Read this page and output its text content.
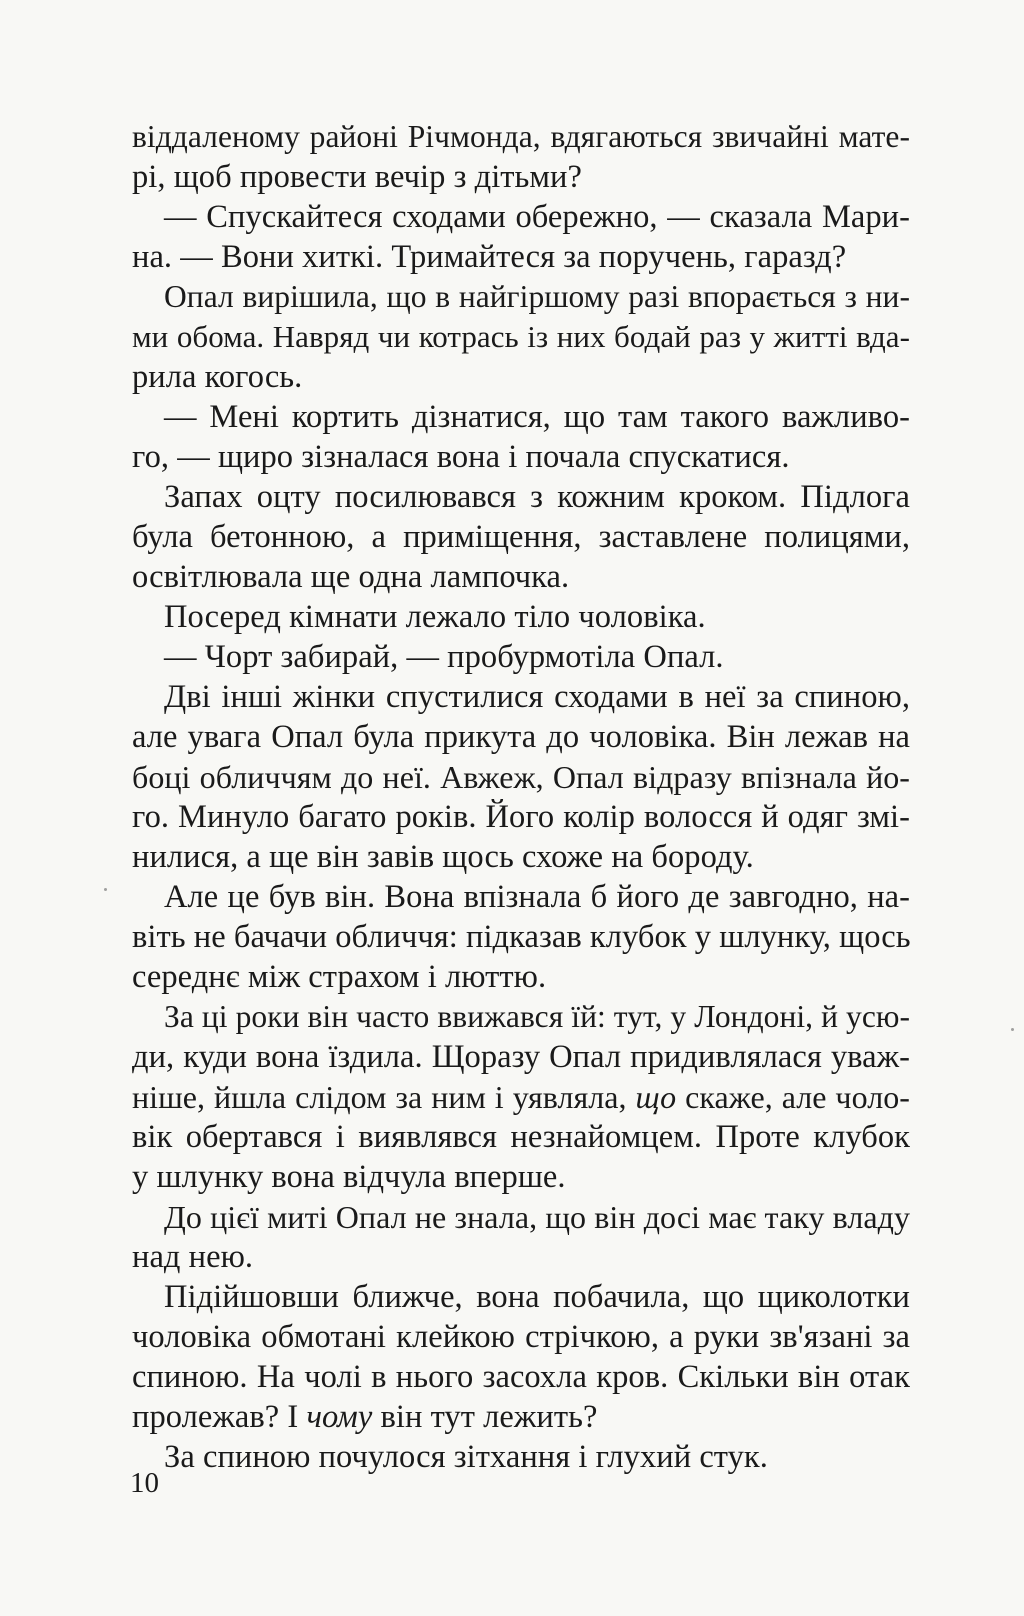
віддаленому районі Річмонда, вдягаються звичайні мате-
рі, щоб провести вечір з дітьми?
— Спускайтеся сходами обережно, — сказала Мари-
на. — Вони хиткі. Тримайтеся за поручень, гаразд?
Опал вирішила, що в найгіршому разі впорається з ни-
ми обома. Навряд чи котрась із них бодай раз у житті вда-
рила когось.
— Мені кортить дізнатися, що там такого важливо-
го, — щиро зізналася вона і почала спускатися.
Запах оцту посилювався з кожним кроком. Підлога
була бетонною, а приміщення, заставлене полицями,
освітлювала ще одна лампочка.
Посеред кімнати лежало тіло чоловіка.
— Чорт забирай, — пробурмотіла Опал.
Дві інші жінки спустилися сходами в неї за спиною,
але увага Опал була прикута до чоловіка. Він лежав на
боці обличчям до неї. Авжеж, Опал відразу впізнала йо-
го. Минуло багато років. Його колір волосся й одяг змі-
нилися, а ще він завів щось схоже на бороду.
Але це був він. Вона впізнала б його де завгодно, на-
віть не бачачи обличчя: підказав клубок у шлунку, щось
середнє між страхом і люттю.
За ці роки він часто ввижався їй: тут, у Лондоні, й усю-
ди, куди вона їздила. Щоразу Опал придивлялася уваж-
ніше, йшла слідом за ним і уявляла, що скаже, але чоло-
вік обертався і виявлявся незнайомцем. Проте клубок
у шлунку вона відчула вперше.
До цієї миті Опал не знала, що він досі має таку владу
над нею.
Підійшовши ближче, вона побачила, що щиколотки
чоловіка обмотані клейкою стрічкою, а руки зв'язані за
спиною. На чолі в нього засохла кров. Скільки він отак
пролежав? І чому він тут лежить?
За спиною почулося зітхання і глухий стук.
10
